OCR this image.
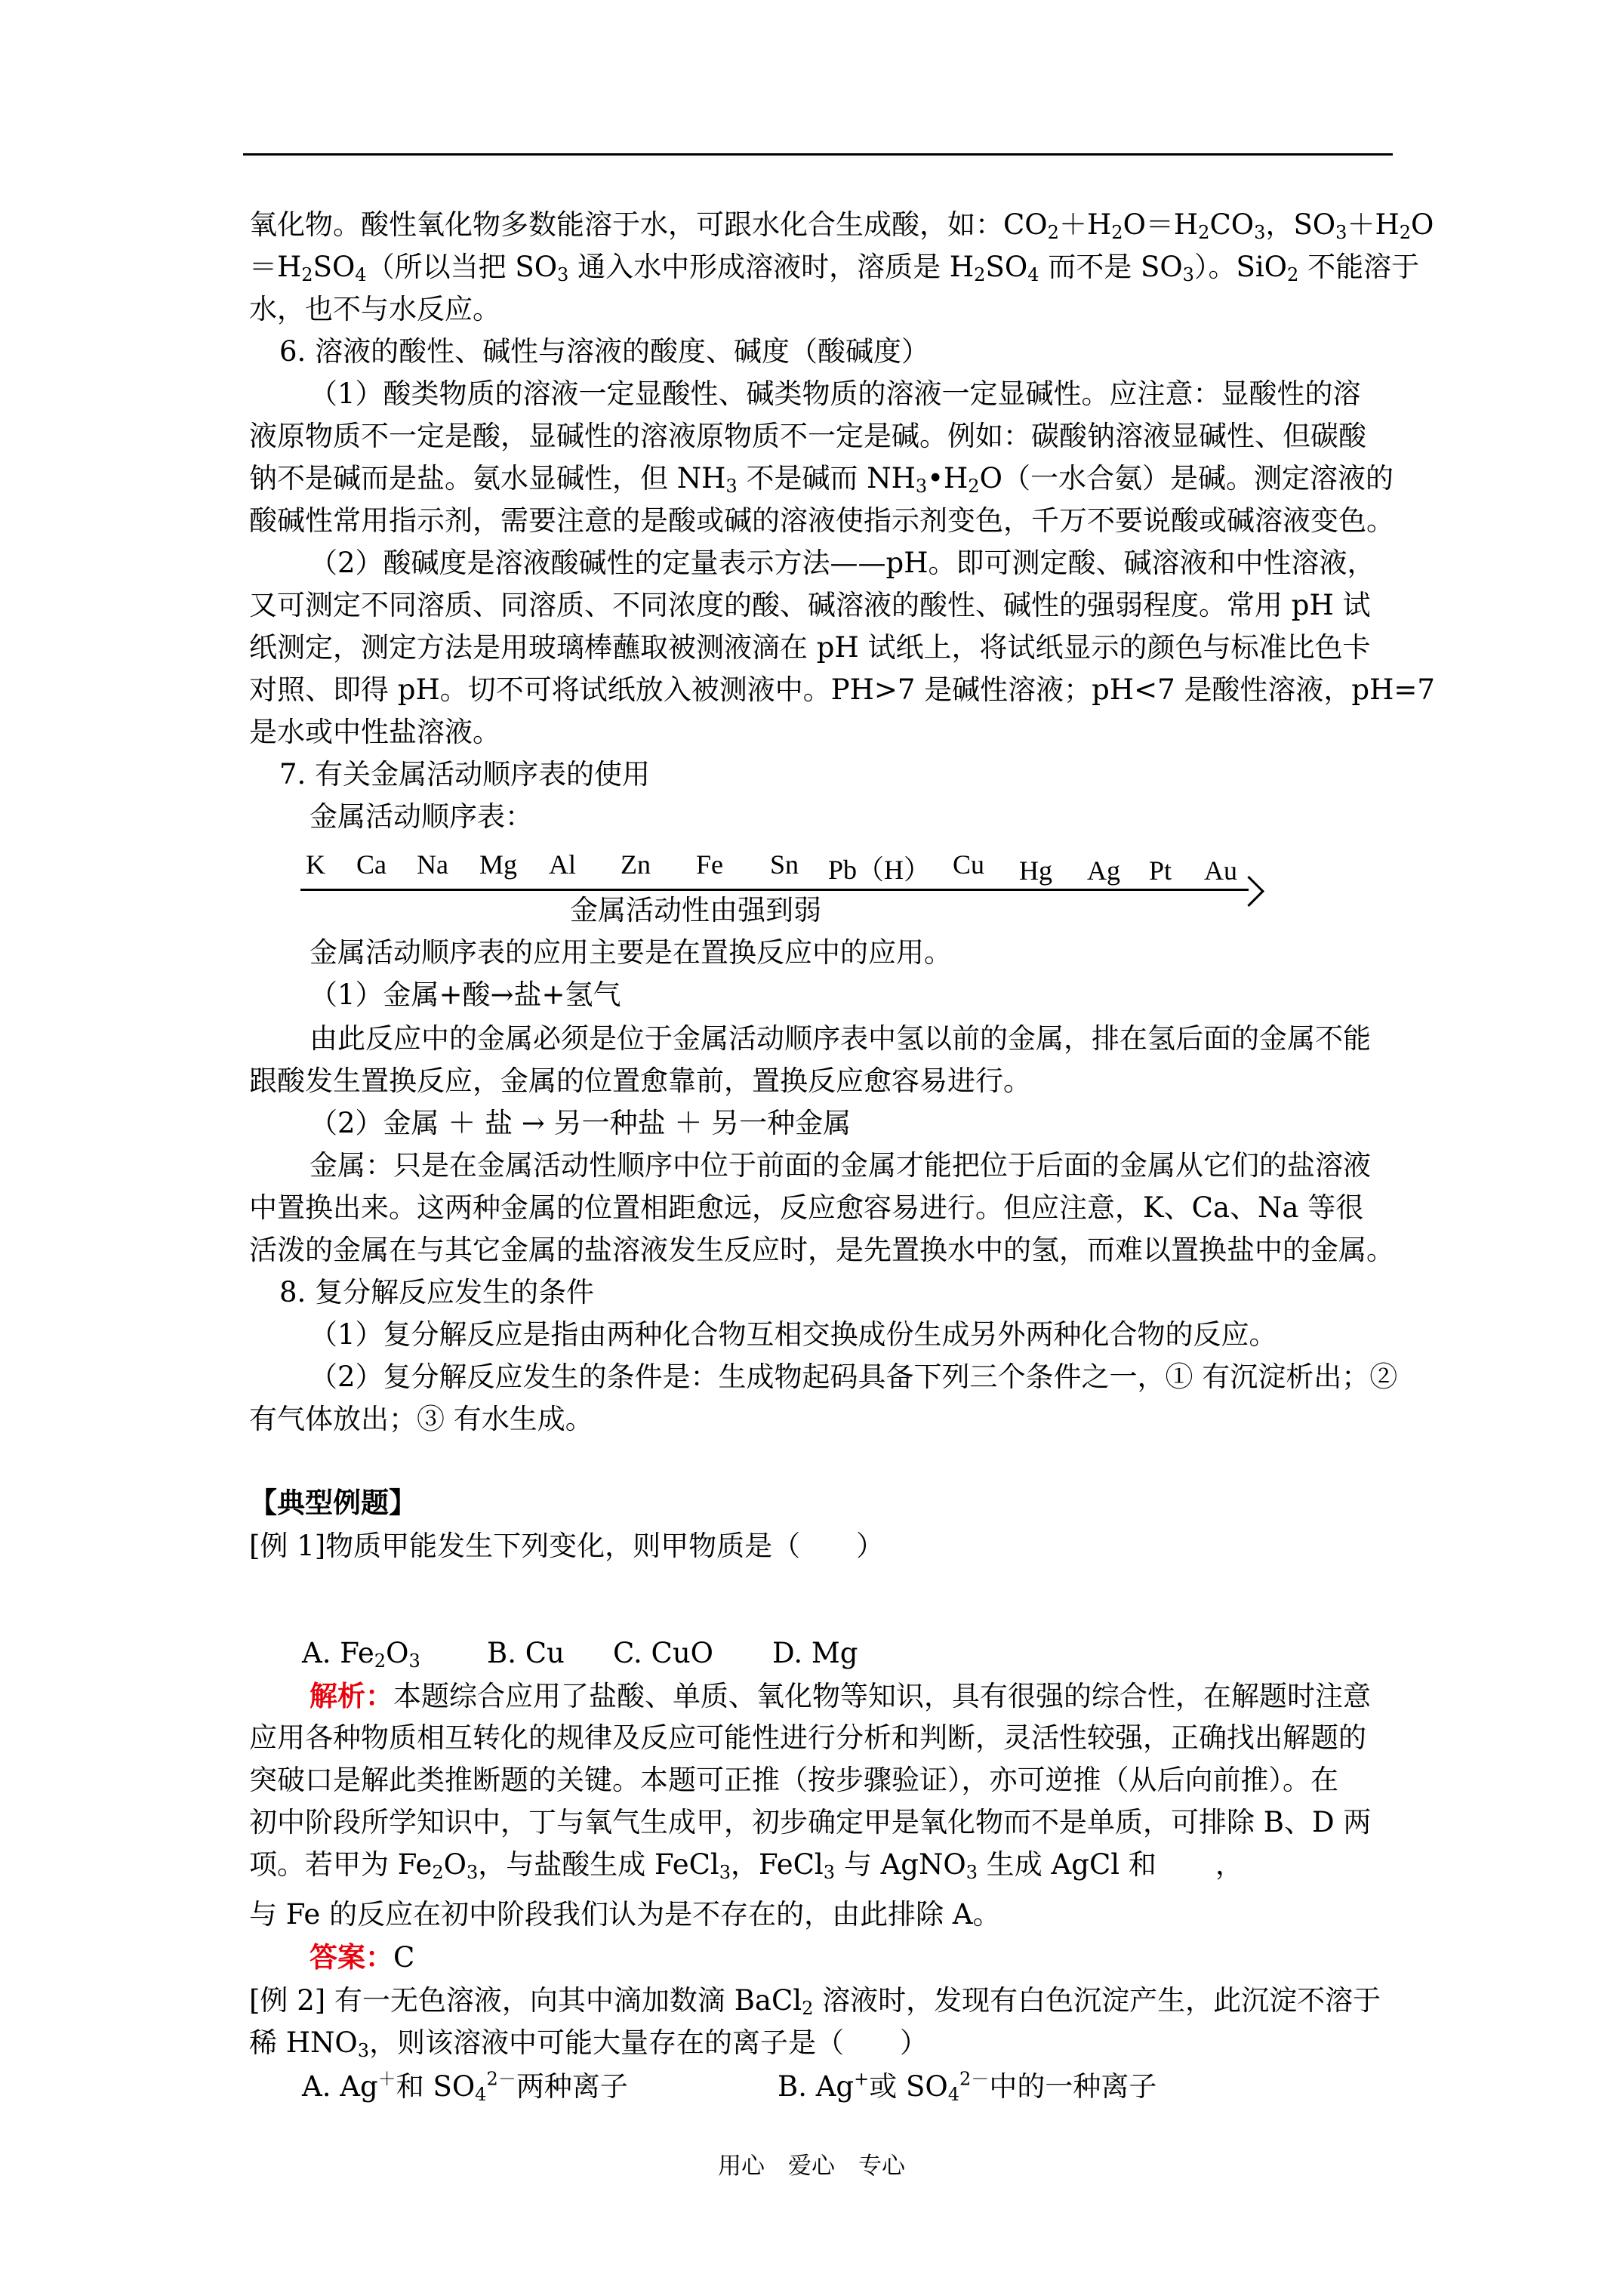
氧化物。酸性氧化物多数能溶于水，可跟水化合生成酸，如：$CO_2+H_2O=H_2CO_3$，$SO_3+H_2O$
$=H_2SO_4$（所以当把 $SO_3$ 通入水中形成溶液时，溶质是 $H_2SO_4$ 而不是 $SO_3$）。SiO$_2$ 不能溶于
水，也不与水反应。
6. 溶液的酸性、碱性与溶液的酸度、碱度（酸碱度）
（1）酸类物质的溶液一定显酸性、碱类物质的溶液一定显碱性。应注意：显酸性的溶
液原物质不一定是酸，显碱性的溶液原物质不一定是碱。例如：碳酸钠溶液显碱性、但碳酸
钠不是碱而是盐。氨水显碱性，但 $NH_3$ 不是碱而 $NH_3•H_2O$（一水合氨）是碱。测定溶液的
酸碱性常用指示剂，需要注意的是酸或碱的溶液使指示剂变色，千万不要说酸或碱溶液变色。
（2）酸碱度是溶液酸碱性的定量表示方法——pH。即可测定酸、碱溶液和中性溶液，
又可测定不同溶质、同溶质、不同浓度的酸、碱溶液的酸性、碱性的强弱程度。常用 pH 试
纸测定，测定方法是用玻璃棒蘸取被测液滴在 pH 试纸上，将试纸显示的颜色与标准比色卡
对照、即得 pH。切不可将试纸放入被测液中。PH>7 是碱性溶液；pH<7 是酸性溶液，pH=7
是水或中性盐溶液。
7. 有关金属活动顺序表的使用
金属活动顺序表：
K Ca Na Mg Al Zn Fe Sn Pb（H） Cu Hg Ag Pt Au
金属活动性由强到弱
金属活动顺序表的应用主要是在置换反应中的应用。
（1）金属+酸→盐+氢气
由此反应中的金属必须是位于金属活动顺序表中氢以前的金属，排在氢后面的金属不能
跟酸发生置换反应，金属的位置愈靠前，置换反应愈容易进行。
（2）金属 ＋ 盐 → 另一种盐 ＋ 另一种金属
金属：只是在金属活动性顺序中位于前面的金属才能把位于后面的金属从它们的盐溶液
中置换出来。这两种金属的位置相距愈远，反应愈容易进行。但应注意，K、Ca、Na 等很
活泼的金属在与其它金属的盐溶液发生反应时，是先置换水中的氢，而难以置换盐中的金属。
8. 复分解反应发生的条件
（1）复分解反应是指由两种化合物互相交换成份生成另外两种化合物的反应。
（2）复分解反应发生的条件是：生成物起码具备下列三个条件之一，① 有沉淀析出；②
有气体放出；③ 有水生成。
【典型例题】
[例 1]物质甲能发生下列变化，则甲物质是（　　）
A. $Fe_2O_3$ B. Cu C. CuO D. Mg
解析：本题综合应用了盐酸、单质、氧化物等知识，具有很强的综合性，在解题时注意
应用各种物质相互转化的规律及反应可能性进行分析和判断，灵活性较强，正确找出解题的
突破口是解此类推断题的关键。本题可正推（按步骤验证），亦可逆推（从后向前推）。在
初中阶段所学知识中，丁与氧气生成甲，初步确定甲是氧化物而不是单质，可排除 B、D 两
项。若甲为 $Fe_2O_3$，与盐酸生成 FeCl$_3$，FeCl$_3$ 与 AgNO$_3$ 生成 AgCl 和 ，
与 Fe 的反应在初中阶段我们认为是不存在的，由此排除 A。
答案：C
[例 2] 有一无色溶液，向其中滴加数滴 BaCl$_2$ 溶液时，发现有白色沉淀产生，此沉淀不溶于
稀 $HNO_3$，则该溶液中可能大量存在的离子是（　　）
A. Ag＋和 $SO_4^{2-}$两种离子	B. Ag+或 $SO_4^{2-}$中的一种离子
用心　爱心　专心
